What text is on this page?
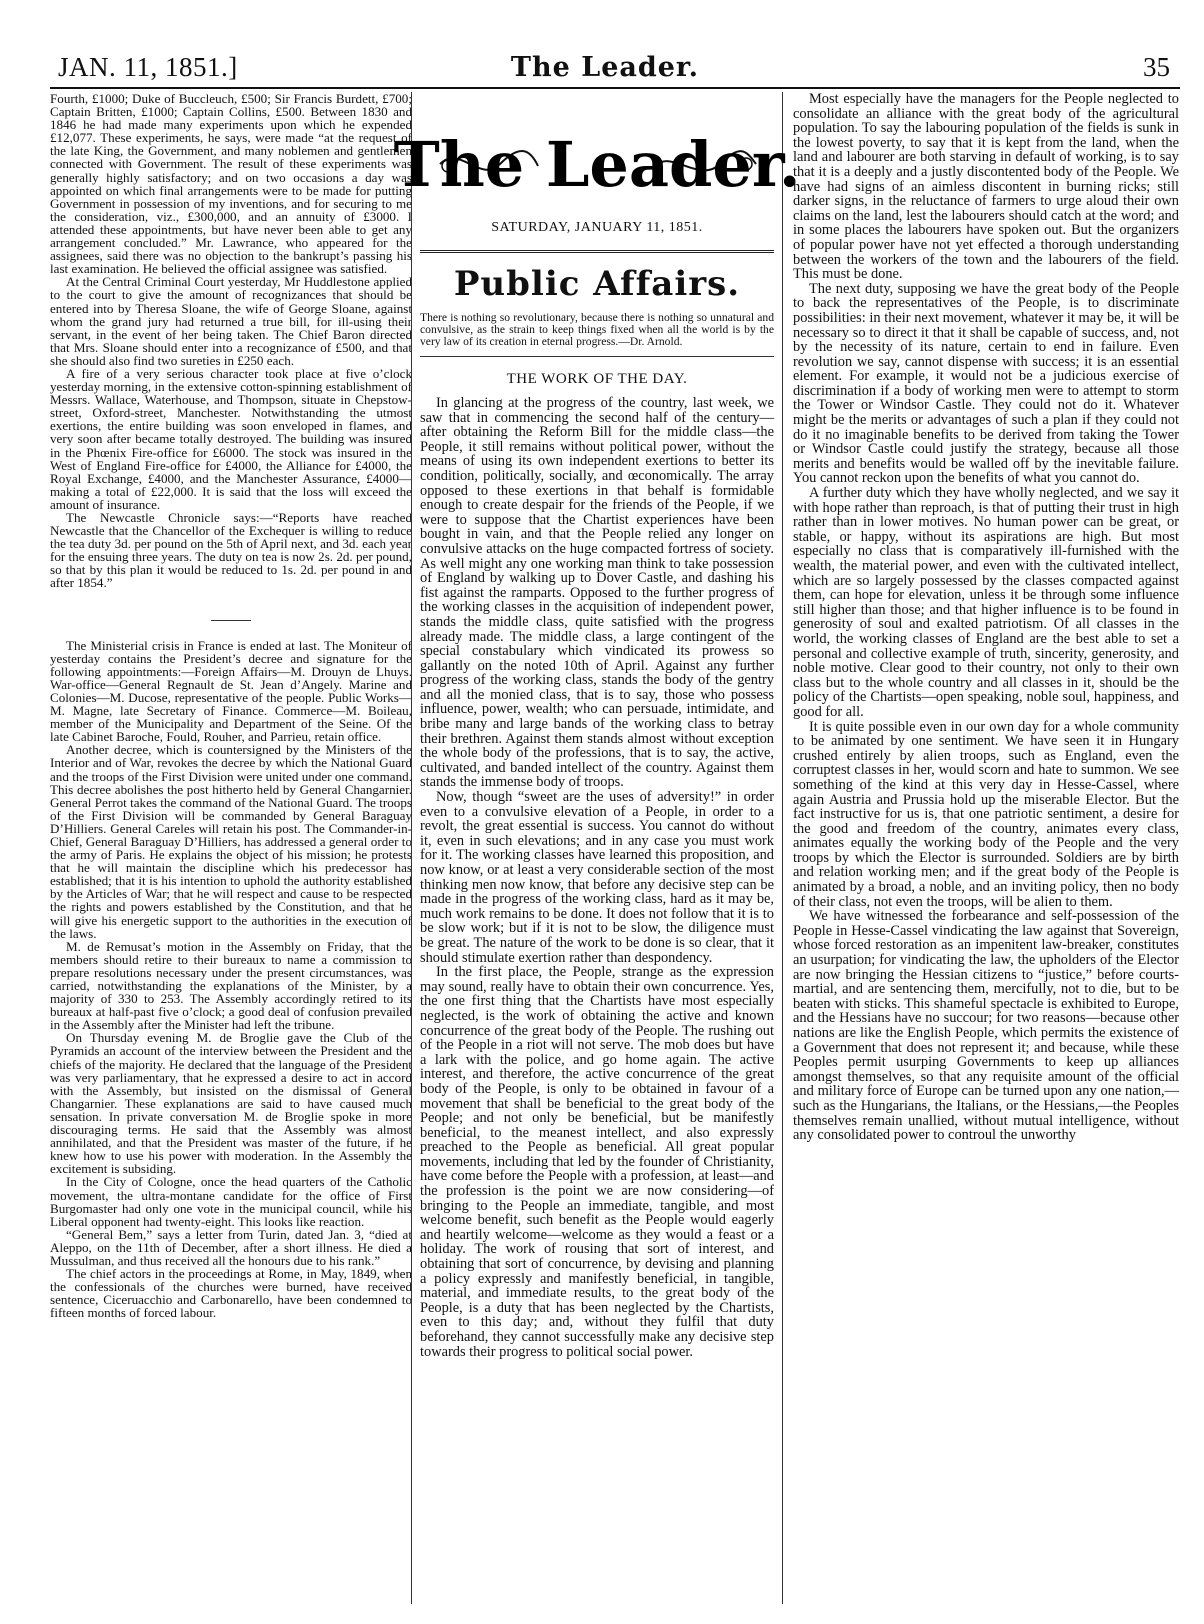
JAN. 11, 1851.]	The Leader.	35

Fourth, £1000; Duke of Buccleuch, £500; Sir Francis Burdett, £700; Captain Britten, £1000; Captain Collins, £500. Between 1830 and 1846 he had made many experiments upon which he expended £12,077. These experiments, he says, were made “at the request of the late King, the Government, and many noblemen and gentlemen connected with Government. The result of these experiments was generally highly satisfactory; and on two occasions a day was appointed on which final arrangements were to be made for putting Government in possession of my inventions, and for securing to me the consideration, viz., £300,000, and an annuity of £3000. I attended these appointments, but have never been able to get any arrangement concluded.” Mr. Lawrance, who appeared for the assignees, said there was no objection to the bankrupt’s passing his last examination. He believed the official assignee was satisfied.

At the Central Criminal Court yesterday, Mr Huddlestone applied to the court to give the amount of recognizances that should be entered into by Theresa Sloane, the wife of George Sloane, against whom the grand jury had returned a true bill, for ill-using their servant, in the event of her being taken. The Chief Baron directed that Mrs. Sloane should enter into a recognizance of £500, and that she should also find two sureties in £250 each.

A fire of a very serious character took place at five o’clock yesterday morning, in the extensive cotton-spinning establishment of Messrs. Wallace, Waterhouse, and Thompson, situate in Chepstow-street, Oxford-street, Manchester. Notwithstanding the utmost exertions, the entire building was soon enveloped in flames, and very soon after became totally destroyed. The building was insured in the Phœnix Fire-office for £6000. The stock was insured in the West of England Fire-office for £4000, the Alliance for £4000, the Royal Exchange, £4000, and the Manchester Assurance, £4000—making a total of £22,000. It is said that the loss will exceed the amount of insurance.

The Newcastle Chronicle says:—“Reports have reached Newcastle that the Chancellor of the Exchequer is willing to reduce the tea duty 3d. per pound on the 5th of April next, and 3d. each year for the ensuing three years. The duty on tea is now 2s. 2d. per pound, so that by this plan it would be reduced to 1s. 2d. per pound in and after 1854.”

The Ministerial crisis in France is ended at last. The Moniteur of yesterday contains the President’s decree and signature for the following appointments:—Foreign Affairs—M. Drouyn de Lhuys. War-office—General Regnault de St. Jean d’Angely. Marine and Colonies—M. Ducose, representative of the people. Public Works—M. Magne, late Secretary of Finance. Commerce—M. Boileau, member of the Municipality and Department of the Seine. Of the late Cabinet Baroche, Fould, Rouher, and Parrieu, retain office.

Another decree, which is countersigned by the Ministers of the Interior and of War, revokes the decree by which the National Guard and the troops of the First Division were united under one command. This decree abolishes the post hitherto held by General Changarnier. General Perrot takes the command of the National Guard. The troops of the First Division will be commanded by General Baraguay D’Hilliers. General Careles will retain his post. The Commander-in-Chief, General Baraguay D’Hilliers, has addressed a general order to the army of Paris. He explains the object of his mission; he protests that he will maintain the discipline which his predecessor has established; that it is his intention to uphold the authority established by the Articles of War; that he will respect and cause to be respected the rights and powers established by the Constitution, and that he will give his energetic support to the authorities in the execution of the laws.

M. de Remusat’s motion in the Assembly on Friday, that the members should retire to their bureaux to name a commission to prepare resolutions necessary under the present circumstances, was carried, notwithstanding the explanations of the Minister, by a majority of 330 to 253. The Assembly accordingly retired to its bureaux at half-past five o’clock; a good deal of confusion prevailed in the Assembly after the Minister had left the tribune.

On Thursday evening M. de Broglie gave the Club of the Pyramids an account of the interview between the President and the chiefs of the majority. He declared that the language of the President was very parliamentary, that he expressed a desire to act in accord with the Assembly, but insisted on the dismissal of General Changarnier. These explanations are said to have caused much sensation. In private conversation M. de Broglie spoke in more discouraging terms. He said that the Assembly was almost annihilated, and that the President was master of the future, if he knew how to use his power with moderation. In the Assembly the excitement is subsiding.

In the City of Cologne, once the head quarters of the Catholic movement, the ultra-montane candidate for the office of First Burgomaster had only one vote in the municipal council, while his Liberal opponent had twenty-eight. This looks like reaction.

“General Bem,” says a letter from Turin, dated Jan. 3, “died at Aleppo, on the 11th of December, after a short illness. He died a Mussulman, and thus received all the honours due to his rank.”

The chief actors in the proceedings at Rome, in May, 1849, when the confessionals of the churches were burned, have received sentence, Ciceruacchio and Carbonarello, have been condemned to fifteen months of forced labour.

The Leader.
SATURDAY, JANUARY 11, 1851.
Public Affairs.

There is nothing so revolutionary, because there is nothing so unnatural and convulsive, as the strain to keep things fixed when all the world is by the very law of its creation in eternal progress.—Dr. Arnold.

THE WORK OF THE DAY.

In glancing at the progress of the country, last week, we saw that in commencing the second half of the century—after obtaining the Reform Bill for the middle class—the People, it still remains without political power, without the means of using its own independent exertions to better its condition, politically, socially, and œconomically. The array opposed to these exertions in that behalf is formidable enough to create despair for the friends of the People, if we were to suppose that the Chartist experiences have been bought in vain, and that the People relied any longer on convulsive attacks on the huge compacted fortress of society. As well might any one working man think to take possession of England by walking up to Dover Castle, and dashing his fist against the ramparts. Opposed to the further progress of the working classes in the acquisition of independent power, stands the middle class, quite satisfied with the progress already made. The middle class, a large contingent of the special constabulary which vindicated its prowess so gallantly on the noted 10th of April. Against any further progress of the working class, stands the body of the gentry and all the monied class, that is to say, those who possess influence, power, wealth; who can persuade, intimidate, and bribe many and large bands of the working class to betray their brethren. Against them stands almost without exception the whole body of the professions, that is to say, the active, cultivated, and banded intellect of the country. Against them stands the immense body of troops.

Now, though “sweet are the uses of adversity!” in order even to a convulsive elevation of a People, in order to a revolt, the great essential is success. You cannot do without it, even in such elevations; and in any case you must work for it. The working classes have learned this proposition, and now know, or at least a very considerable section of the most thinking men now know, that before any decisive step can be made in the progress of the working class, hard as it may be, much work remains to be done. It does not follow that it is to be slow work; but if it is not to be slow, the diligence must be great. The nature of the work to be done is so clear, that it should stimulate exertion rather than despondency.

In the first place, the People, strange as the expression may sound, really have to obtain their own concurrence. Yes, the one first thing that the Chartists have most especially neglected, is the work of obtaining the active and known concurrence of the great body of the People. The rushing out of the People in a riot will not serve. The mob does but have a lark with the police, and go home again. The active interest, and therefore, the active concurrence of the great body of the People, is only to be obtained in favour of a movement that shall be beneficial to the great body of the People; and not only be beneficial, but be manifestly beneficial, to the meanest intellect, and also expressly preached to the People as beneficial. All great popular movements, including that led by the founder of Christianity, have come before the People with a profession, at least—and the profession is the point we are now considering—of bringing to the People an immediate, tangible, and most welcome benefit, such benefit as the People would eagerly and heartily welcome—welcome as they would a feast or a holiday. The work of rousing that sort of interest, and obtaining that sort of concurrence, by devising and planning a policy expressly and manifestly beneficial, in tangible, material, and immediate results, to the great body of the People, is a duty that has been neglected by the Chartists, even to this day; and, without they fulfil that duty beforehand, they cannot successfully make any decisive step towards their progress to political social power.

Most especially have the managers for the People neglected to consolidate an alliance with the great body of the agricultural population. To say the labouring population of the fields is sunk in the lowest poverty, to say that it is kept from the land, when the land and labourer are both starving in default of working, is to say that it is a deeply and a justly discontented body of the People. We have had signs of an aimless discontent in burning ricks; still darker signs, in the reluctance of farmers to urge aloud their own claims on the land, lest the labourers should catch at the word; and in some places the labourers have spoken out. But the organizers of popular power have not yet effected a thorough understanding between the workers of the town and the labourers of the field. This must be done.

The next duty, supposing we have the great body of the People to back the representatives of the People, is to discriminate possibilities: in their next movement, whatever it may be, it will be necessary so to direct it that it shall be capable of success, and, not by the necessity of its nature, certain to end in failure. Even revolution we say, cannot dispense with success; it is an essential element. For example, it would not be a judicious exercise of discrimination if a body of working men were to attempt to storm the Tower or Windsor Castle. They could not do it. Whatever might be the merits or advantages of such a plan if they could not do it no imaginable benefits to be derived from taking the Tower or Windsor Castle could justify the strategy, because all those merits and benefits would be walled off by the inevitable failure. You cannot reckon upon the benefits of what you cannot do.

A further duty which they have wholly neglected, and we say it with hope rather than reproach, is that of putting their trust in high rather than in lower motives. No human power can be great, or stable, or happy, without its aspirations are high. But most especially no class that is comparatively ill-furnished with the wealth, the material power, and even with the cultivated intellect, which are so largely possessed by the classes compacted against them, can hope for elevation, unless it be through some influence still higher than those; and that higher influence is to be found in generosity of soul and exalted patriotism. Of all classes in the world, the working classes of England are the best able to set a personal and collective example of truth, sincerity, generosity, and noble motive. Clear good to their country, not only to their own class but to the whole country and all classes in it, should be the policy of the Chartists—open speaking, noble soul, happiness, and good for all.

It is quite possible even in our own day for a whole community to be animated by one sentiment. We have seen it in Hungary crushed entirely by alien troops, such as England, even the corruptest classes in her, would scorn and hate to summon. We see something of the kind at this very day in Hesse-Cassel, where again Austria and Prussia hold up the miserable Elector. But the fact instructive for us is, that one patriotic sentiment, a desire for the good and freedom of the country, animates every class, animates equally the working body of the People and the very troops by which the Elector is surrounded. Soldiers are by birth and relation working men; and if the great body of the People is animated by a broad, a noble, and an inviting policy, then no body of their class, not even the troops, will be alien to them.

We have witnessed the forbearance and self-possession of the People in Hesse-Cassel vindicating the law against that Sovereign, whose forced restoration as an impenitent law-breaker, constitutes an usurpation; for vindicating the law, the upholders of the Elector are now bringing the Hessian citizens to “justice,” before courts-martial, and are sentencing them, mercifully, not to die, but to be beaten with sticks. This shameful spectacle is exhibited to Europe, and the Hessians have no succour; for two reasons—because other nations are like the English People, which permits the existence of a Government that does not represent it; and because, while these Peoples permit usurping Governments to keep up alliances amongst themselves, so that any requisite amount of the official and military force of Europe can be turned upon any one nation,—such as the Hungarians, the Italians, or the Hessians,—the Peoples themselves remain unallied, without mutual intelligence, without any consolidated power to controul the unworthy
